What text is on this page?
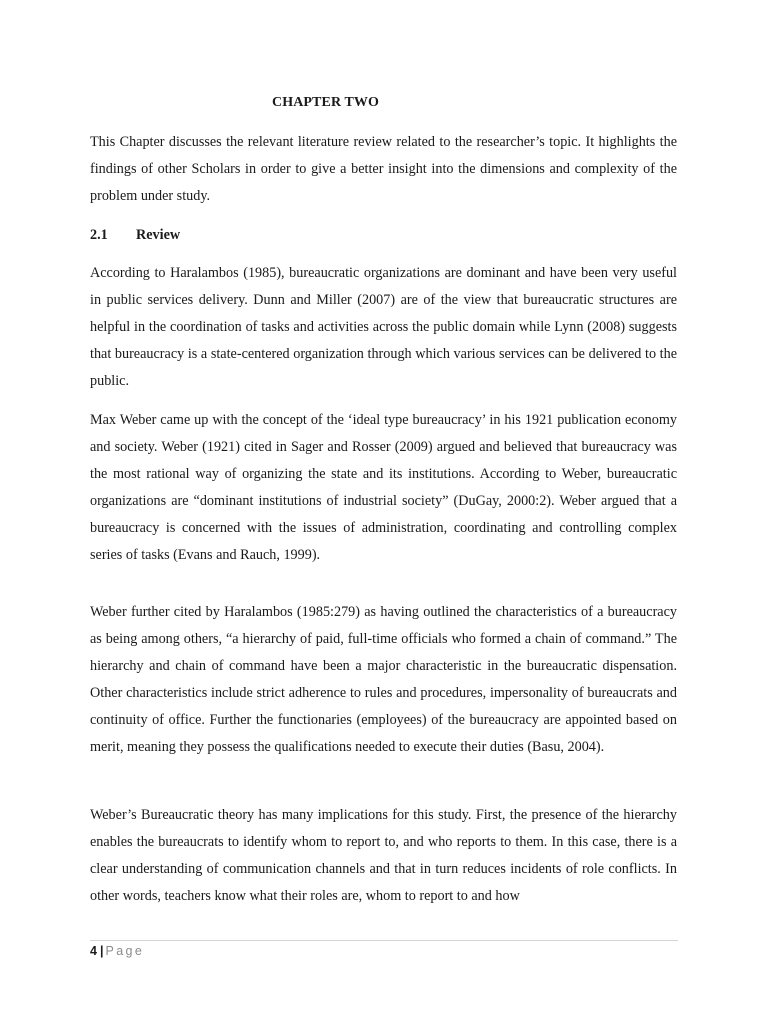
CHAPTER TWO

This Chapter discusses the relevant literature review related to the researcher’s topic. It highlights the findings of other Scholars in order to give a better insight into the dimensions and complexity of the problem under study.

2.1 Review

According to Haralambos (1985), bureaucratic organizations are dominant and have been very useful in public services delivery. Dunn and Miller (2007) are of the view that bureaucratic structures are helpful in the coordination of tasks and activities across the public domain while Lynn (2008) suggests that bureaucracy is a state-centered organization through which various services can be delivered to the public.

Max Weber came up with the concept of the ‘ideal type bureaucracy’ in his 1921 publication economy and society. Weber (1921) cited in Sager and Rosser (2009) argued and believed that bureaucracy was the most rational way of organizing the state and its institutions. According to Weber, bureaucratic organizations are “dominant institutions of industrial society” (DuGay, 2000:2). Weber argued that a bureaucracy is concerned with the issues of administration, coordinating and controlling complex series of tasks (Evans and Rauch, 1999).

Weber further cited by Haralambos (1985:279) as having outlined the characteristics of a bureaucracy as being among others, “a hierarchy of paid, full-time officials who formed a chain of command.” The hierarchy and chain of command have been a major characteristic in the bureaucratic dispensation. Other characteristics include strict adherence to rules and procedures, impersonality of bureaucrats and continuity of office. Further the functionaries (employees) of the bureaucracy are appointed based on merit, meaning they possess the qualifications needed to execute their duties (Basu, 2004).

Weber’s Bureaucratic theory has many implications for this study. First, the presence of the hierarchy enables the bureaucrats to identify whom to report to, and who reports to them. In this case, there is a clear understanding of communication channels and that in turn reduces incidents of role conflicts. In other words, teachers know what their roles are, whom to report to and how

4 | Page
